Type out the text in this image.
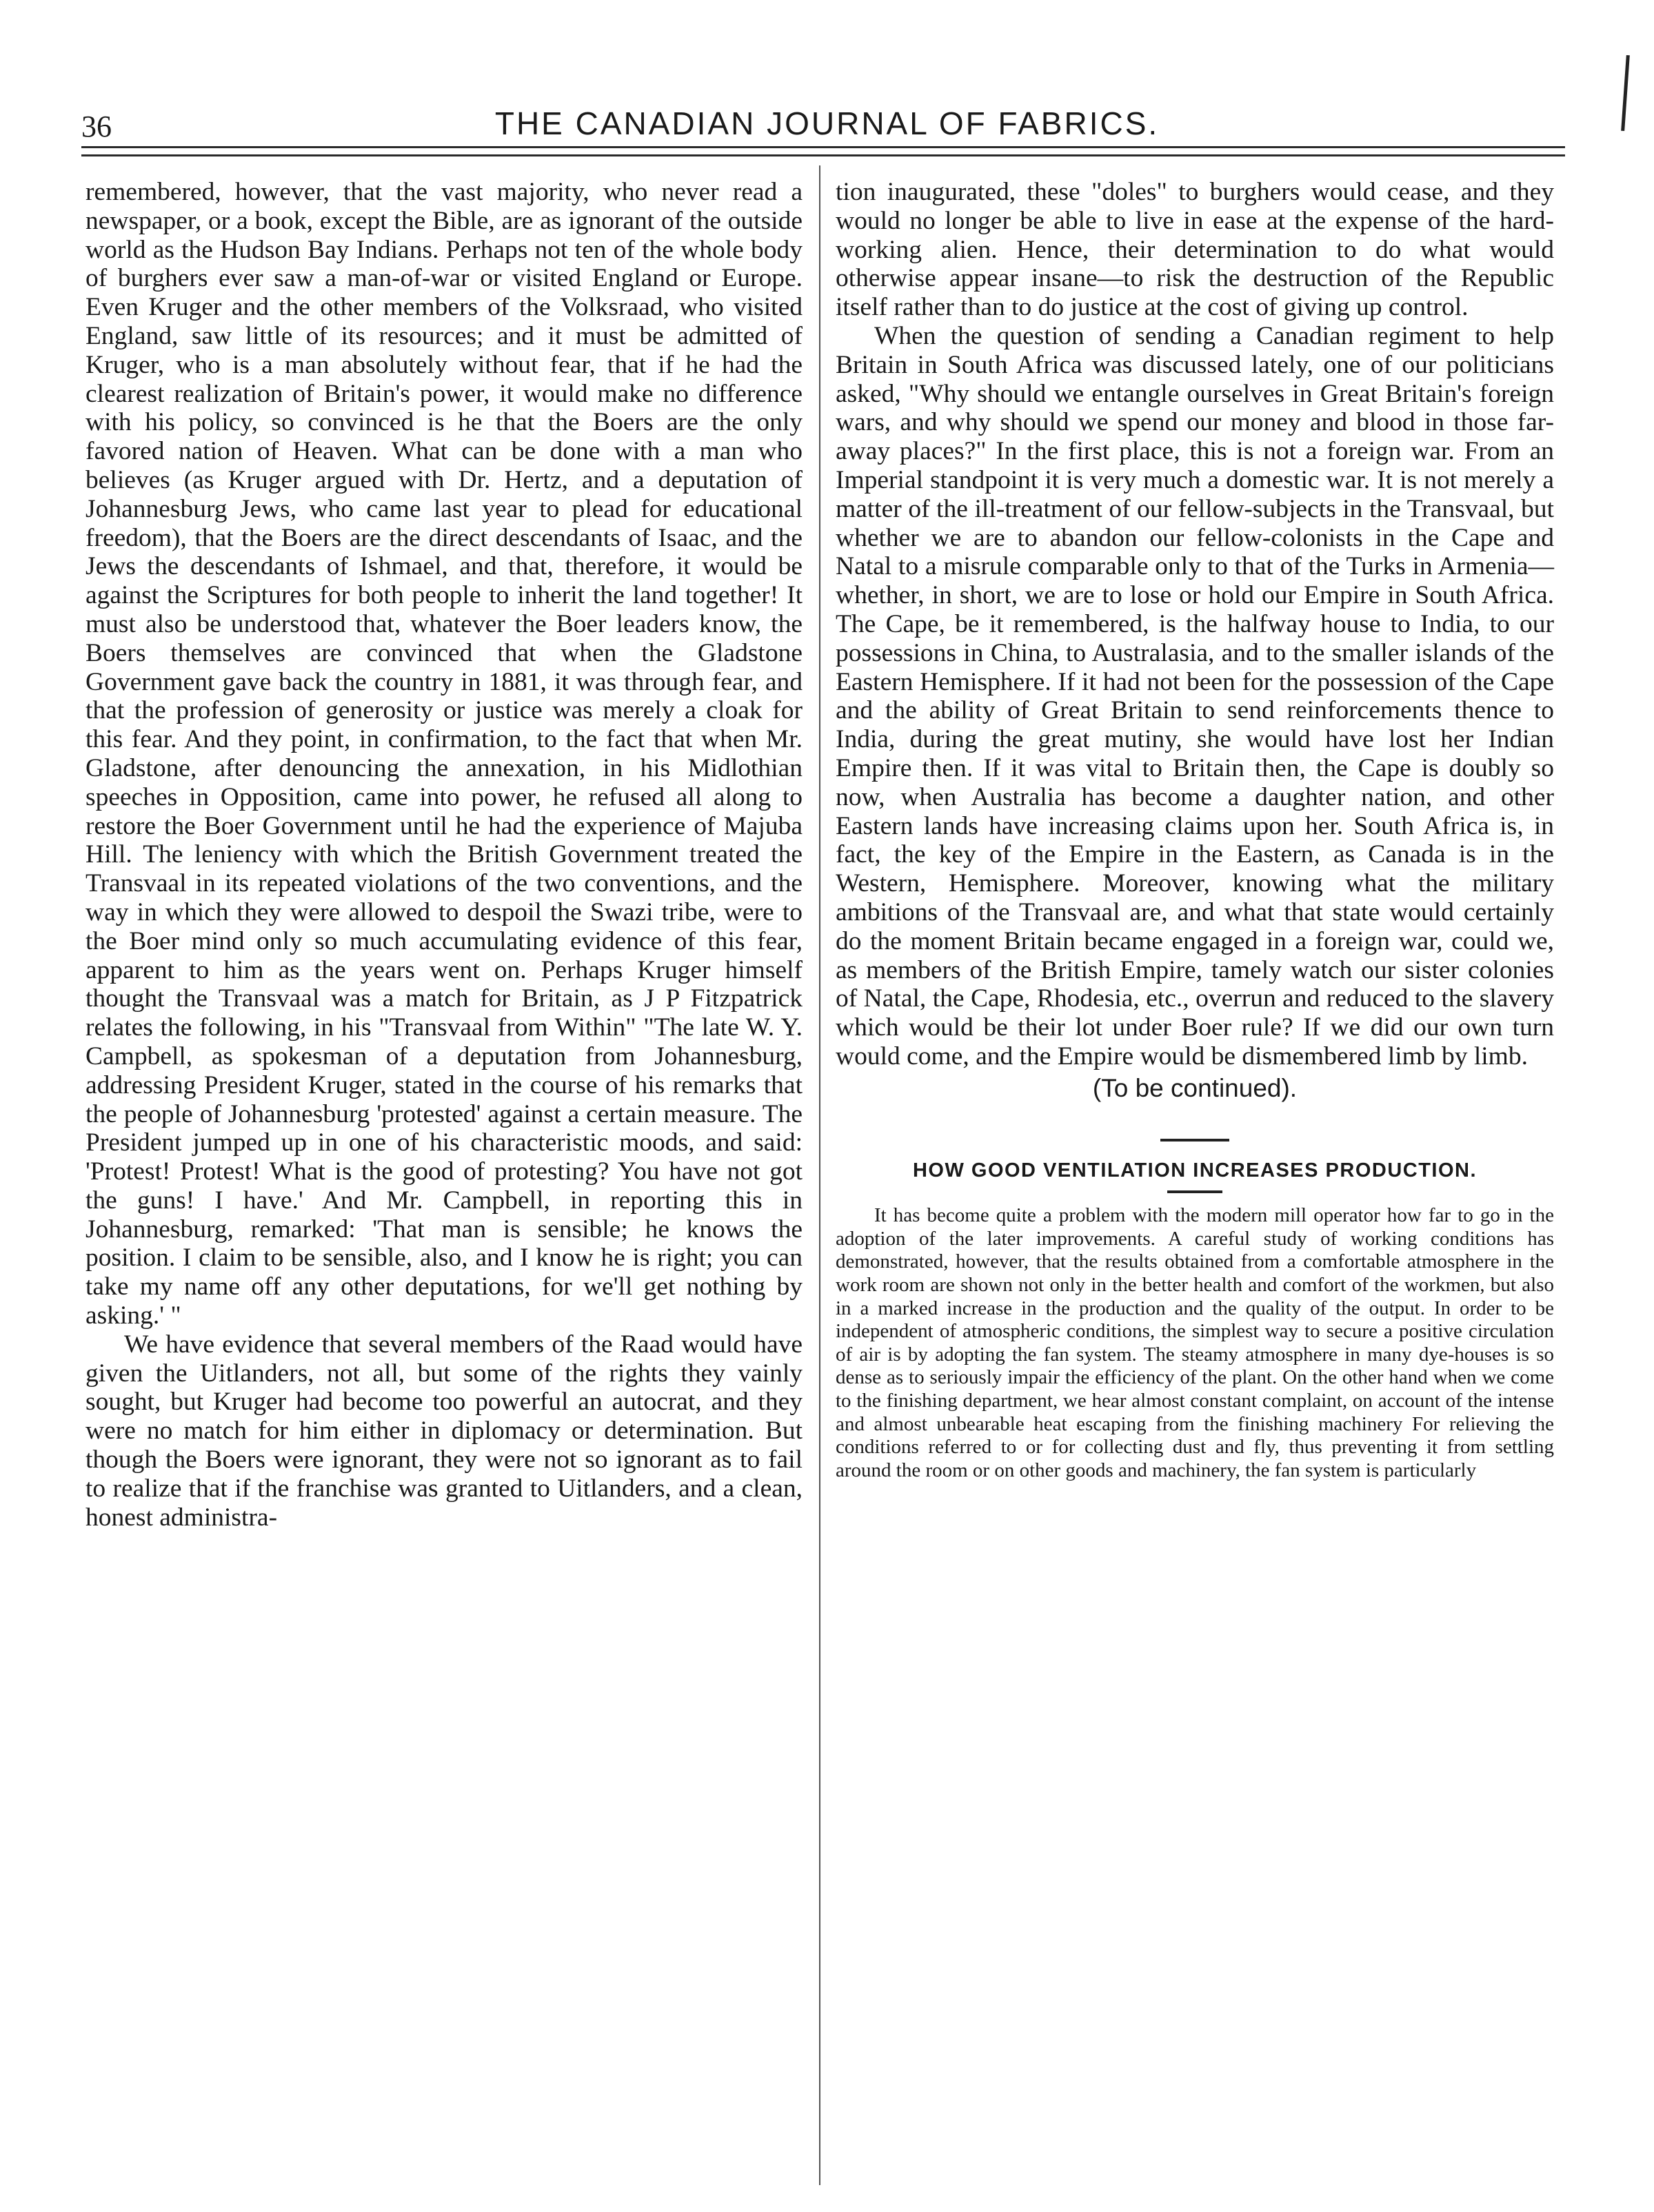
36	THE CANADIAN JOURNAL OF FABRICS.

remembered, however, that the vast majority, who never read a newspaper, or a book, except the Bible, are as ignorant of the outside world as the Hudson Bay Indians. Perhaps not ten of the whole body of burghers ever saw a man-of-war or visited England or Europe. Even Kruger and the other members of the Volksraad, who visited England, saw little of its resources; and it must be admitted of Kruger, who is a man absolutely without fear, that if he had the clearest realization of Britain's power, it would make no difference with his policy, so convinced is he that the Boers are the only favored nation of Heaven. What can be done with a man who believes (as Kruger argued with Dr. Hertz, and a deputation of Johannesburg Jews, who came last year to plead for educational freedom), that the Boers are the direct descendants of Isaac, and the Jews the descendants of Ishmael, and that, therefore, it would be against the Scriptures for both people to inherit the land together! It must also be understood that, whatever the Boer leaders know, the Boers themselves are convinced that when the Gladstone Government gave back the country in 1881, it was through fear, and that the profession of generosity or justice was merely a cloak for this fear. And they point, in confirmation, to the fact that when Mr. Gladstone, after denouncing the annexation, in his Midlothian speeches in Opposition, came into power, he refused all along to restore the Boer Government until he had the experience of Majuba Hill. The leniency with which the British Government treated the Transvaal in its repeated violations of the two conventions, and the way in which they were allowed to despoil the Swazi tribe, were to the Boer mind only so much accumulating evidence of this fear, apparent to him as the years went on. Perhaps Kruger himself thought the Transvaal was a match for Britain, as J P Fitzpatrick relates the following, in his "Transvaal from Within" "The late W. Y. Campbell, as spokesman of a deputation from Johannesburg, addressing President Kruger, stated in the course of his remarks that the people of Johannesburg 'protested' against a certain measure. The President jumped up in one of his characteristic moods, and said: 'Protest! Protest! What is the good of protesting? You have not got the guns! I have.' And Mr. Campbell, in reporting this in Johannesburg, remarked: 'That man is sensible; he knows the position. I claim to be sensible, also, and I know he is right; you can take my name off any other deputations, for we'll get nothing by asking.' "

We have evidence that several members of the Raad would have given the Uitlanders, not all, but some of the rights they vainly sought, but Kruger had become too powerful an autocrat, and they were no match for him either in diplomacy or determination. But though the Boers were ignorant, they were not so ignorant as to fail to realize that if the franchise was granted to Uitlanders, and a clean, honest administra-

tion inaugurated, these "doles" to burghers would cease, and they would no longer be able to live in ease at the expense of the hard-working alien. Hence, their determination to do what would otherwise appear insane—to risk the destruction of the Republic itself rather than to do justice at the cost of giving up control.

When the question of sending a Canadian regiment to help Britain in South Africa was discussed lately, one of our politicians asked, "Why should we entangle ourselves in Great Britain's foreign wars, and why should we spend our money and blood in those far-away places?" In the first place, this is not a foreign war. From an Imperial standpoint it is very much a domestic war. It is not merely a matter of the ill-treatment of our fellow-subjects in the Transvaal, but whether we are to abandon our fellow-colonists in the Cape and Natal to a misrule comparable only to that of the Turks in Armenia—whether, in short, we are to lose or hold our Empire in South Africa. The Cape, be it remembered, is the halfway house to India, to our possessions in China, to Australasia, and to the smaller islands of the Eastern Hemisphere. If it had not been for the possession of the Cape and the ability of Great Britain to send reinforcements thence to India, during the great mutiny, she would have lost her Indian Empire then. If it was vital to Britain then, the Cape is doubly so now, when Australia has become a daughter nation, and other Eastern lands have increasing claims upon her. South Africa is, in fact, the key of the Empire in the Eastern, as Canada is in the Western, Hemisphere. Moreover, knowing what the military ambitions of the Transvaal are, and what that state would certainly do the moment Britain became engaged in a foreign war, could we, as members of the British Empire, tamely watch our sister colonies of Natal, the Cape, Rhodesia, etc., overrun and reduced to the slavery which would be their lot under Boer rule? If we did our own turn would come, and the Empire would be dismembered limb by limb.

(To be continued).

HOW GOOD VENTILATION INCREASES PRODUCTION.

It has become quite a problem with the modern mill operator how far to go in the adoption of the later improvements. A careful study of working conditions has demonstrated, however, that the results obtained from a comfortable atmosphere in the work room are shown not only in the better health and comfort of the workmen, but also in a marked increase in the production and the quality of the output. In order to be independent of atmospheric conditions, the simplest way to secure a positive circulation of air is by adopting the fan system. The steamy atmosphere in many dye-houses is so dense as to seriously impair the efficiency of the plant. On the other hand when we come to the finishing department, we hear almost constant complaint, on account of the intense and almost unbearable heat escaping from the finishing machinery For relieving the conditions referred to or for collecting dust and fly, thus preventing it from settling around the room or on other goods and machinery, the fan system is particularly
